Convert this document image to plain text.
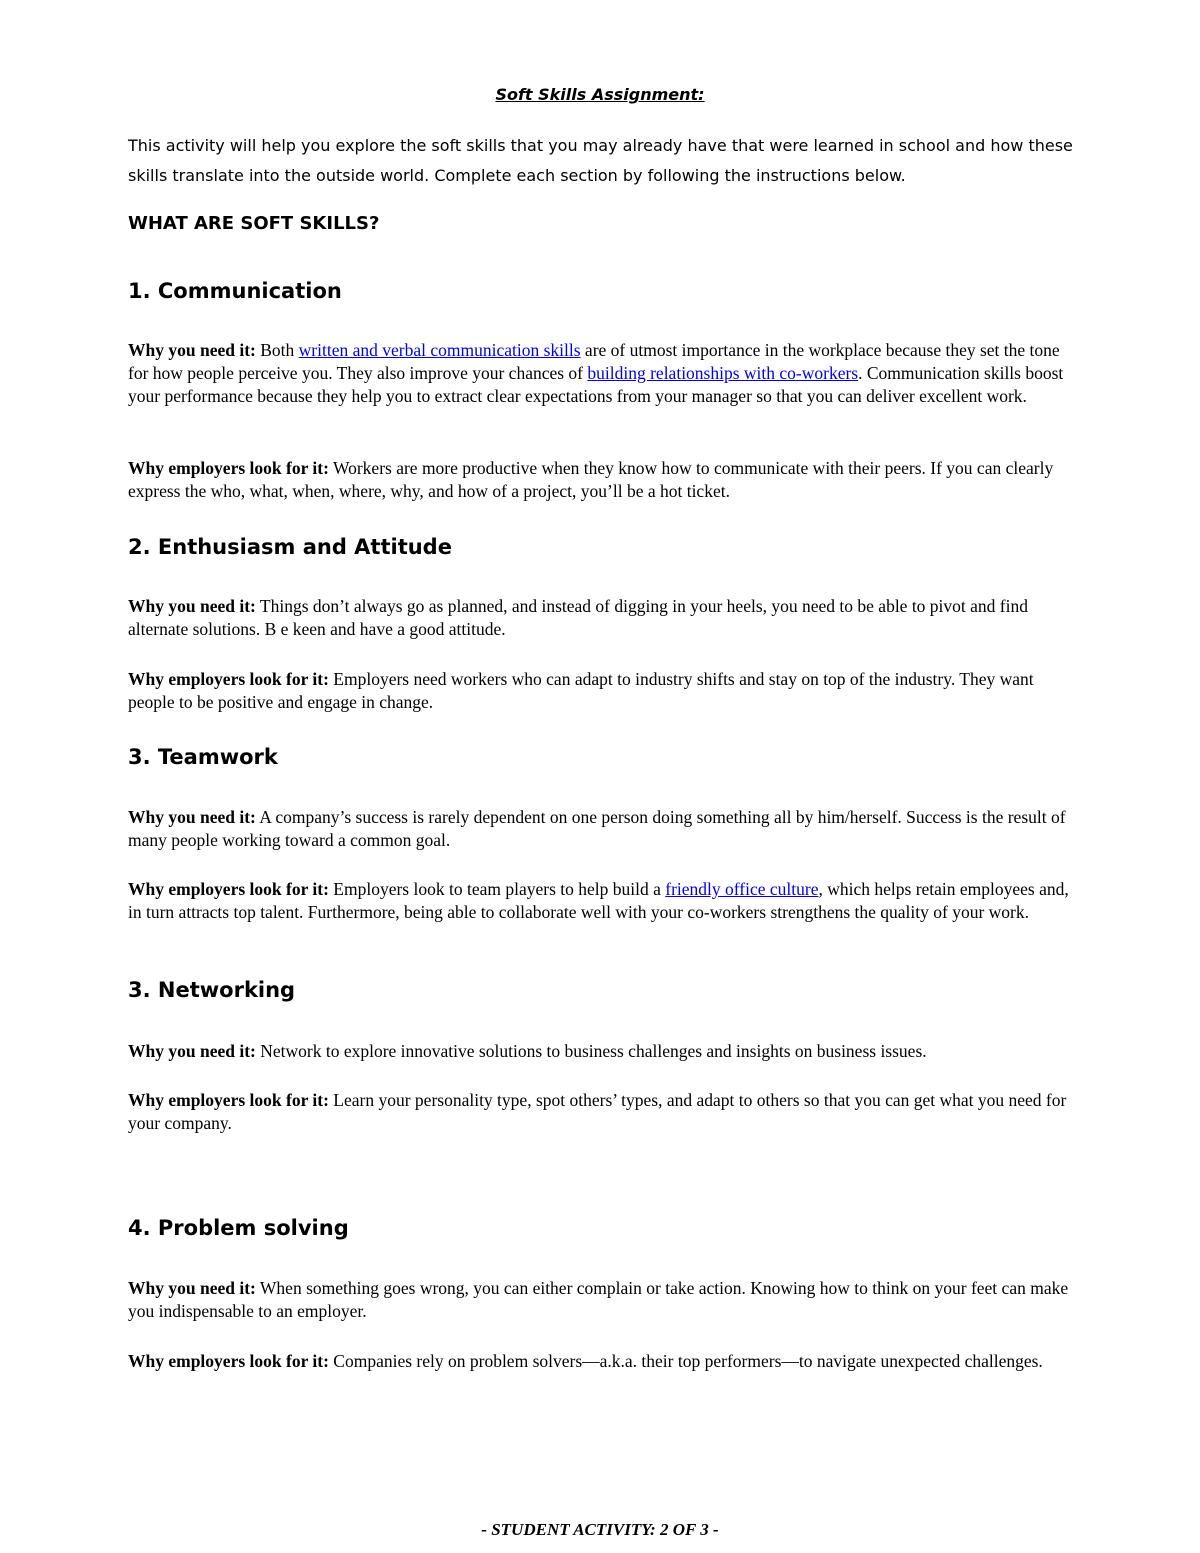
Soft Skills Assignment:
This activity will help you explore the soft skills that you may already have that were learned in school and how these skills translate into the outside world. Complete each section by following the instructions below.
WHAT ARE SOFT SKILLS?
1. Communication
Why you need it: Both written and verbal communication skills are of utmost importance in the workplace because they set the tone for how people perceive you. They also improve your chances of building relationships with co-workers. Communication skills boost your performance because they help you to extract clear expectations from your manager so that you can deliver excellent work.
Why employers look for it: Workers are more productive when they know how to communicate with their peers. If you can clearly express the who, what, when, where, why, and how of a project, you’ll be a hot ticket.
2. Enthusiasm and Attitude
Why you need it: Things don’t always go as planned, and instead of digging in your heels, you need to be able to pivot and find alternate solutions. B e keen and have a good attitude.
Why employers look for it: Employers need workers who can adapt to industry shifts and stay on top of the industry. They want people to be positive and engage in change.
3. Teamwork
Why you need it: A company’s success is rarely dependent on one person doing something all by him/herself. Success is the result of many people working toward a common goal.
Why employers look for it: Employers look to team players to help build a friendly office culture, which helps retain employees and, in turn attracts top talent. Furthermore, being able to collaborate well with your co-workers strengthens the quality of your work.
3. Networking
Why you need it: Network to explore innovative solutions to business challenges and insights on business issues.
Why employers look for it: Learn your personality type, spot others’ types, and adapt to others so that you can get what you need for your company.
4. Problem solving
Why you need it: When something goes wrong, you can either complain or take action. Knowing how to think on your feet can make you indispensable to an employer.
Why employers look for it: Companies rely on problem solvers—a.k.a. their top performers—to navigate unexpected challenges.
- STUDENT ACTIVITY: 2 OF 3 -
